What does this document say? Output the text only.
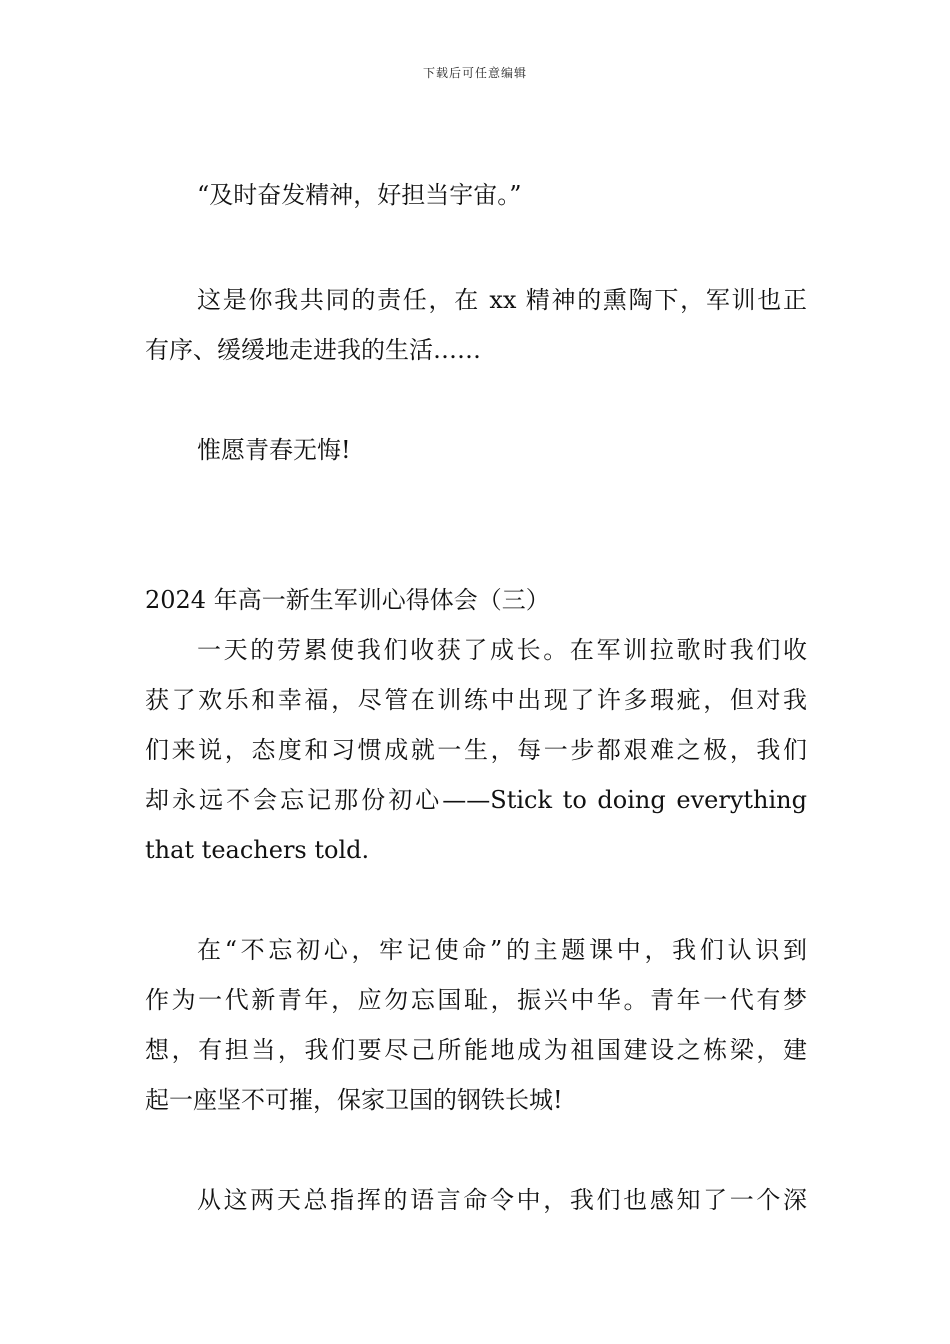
下载后可任意编辑
“及时奋发精神，好担当宇宙。”
这是你我共同的责任，在 xx 精神的熏陶下，军训也正
有序、缓缓地走进我的生活……
惟愿青春无悔!
2024 年高一新生军训心得体会（三）
一天的劳累使我们收获了成长。在军训拉歌时我们收
获了欢乐和幸福，尽管在训练中出现了许多瑕疵，但对我
们来说，态度和习惯成就一生，每一步都艰难之极，我们
却永远不会忘记那份初心——Stick to doing everything
that teachers told.
在“不忘初心，牢记使命”的主题课中，我们认识到
作为一代新青年，应勿忘国耻，振兴中华。青年一代有梦
想，有担当，我们要尽己所能地成为祖国建设之栋梁，建
起一座坚不可摧，保家卫国的钢铁长城!
从这两天总指挥的语言命令中，我们也感知了一个深
